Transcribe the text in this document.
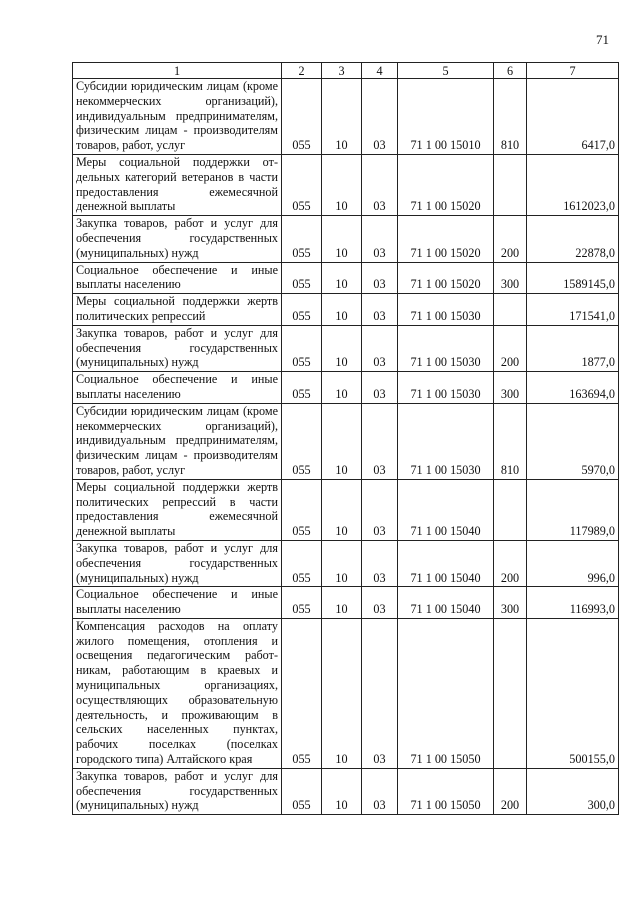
71
1	2	3	4	5	6	7
Субсидии юридическим лицам (кроме некоммерческих организаций), индивидуальным предпринимателям, физическим лицам - производителям товаров, работ, услуг	055	10	03	71 1 00 15010	810	6417,0
Меры социальной поддержки отдельных категорий ветеранов в части предоставления ежемесячной денежной выплаты	055	10	03	71 1 00 15020		1612023,0
Закупка товаров, работ и услуг для обеспечения государственных (муниципальных) нужд	055	10	03	71 1 00 15020	200	22878,0
Социальное обеспечение и иные выплаты населению	055	10	03	71 1 00 15020	300	1589145,0
Меры социальной поддержки жертв политических репрессий	055	10	03	71 1 00 15030		171541,0
Закупка товаров, работ и услуг для обеспечения государственных (муниципальных) нужд	055	10	03	71 1 00 15030	200	1877,0
Социальное обеспечение и иные выплаты населению	055	10	03	71 1 00 15030	300	163694,0
Субсидии юридическим лицам (кроме некоммерческих организаций), индивидуальным предпринимателям, физическим лицам - производителям товаров, работ, услуг	055	10	03	71 1 00 15030	810	5970,0
Меры социальной поддержки жертв политических репрессий в части предоставления ежемесячной денежной выплаты	055	10	03	71 1 00 15040		117989,0
Закупка товаров, работ и услуг для обеспечения государственных (муниципальных) нужд	055	10	03	71 1 00 15040	200	996,0
Социальное обеспечение и иные выплаты населению	055	10	03	71 1 00 15040	300	116993,0
Компенсация расходов на оплату жилого помещения, отопления и освещения педагогическим работникам, работающим в краевых и муниципальных организациях, осуществляющих образовательную деятельность, и проживающим в сельских населенных пунктах, рабочих поселках (поселках городского типа) Алтайского края	055	10	03	71 1 00 15050		500155,0
Закупка товаров, работ и услуг для обеспечения государственных (муниципальных) нужд	055	10	03	71 1 00 15050	200	300,0
